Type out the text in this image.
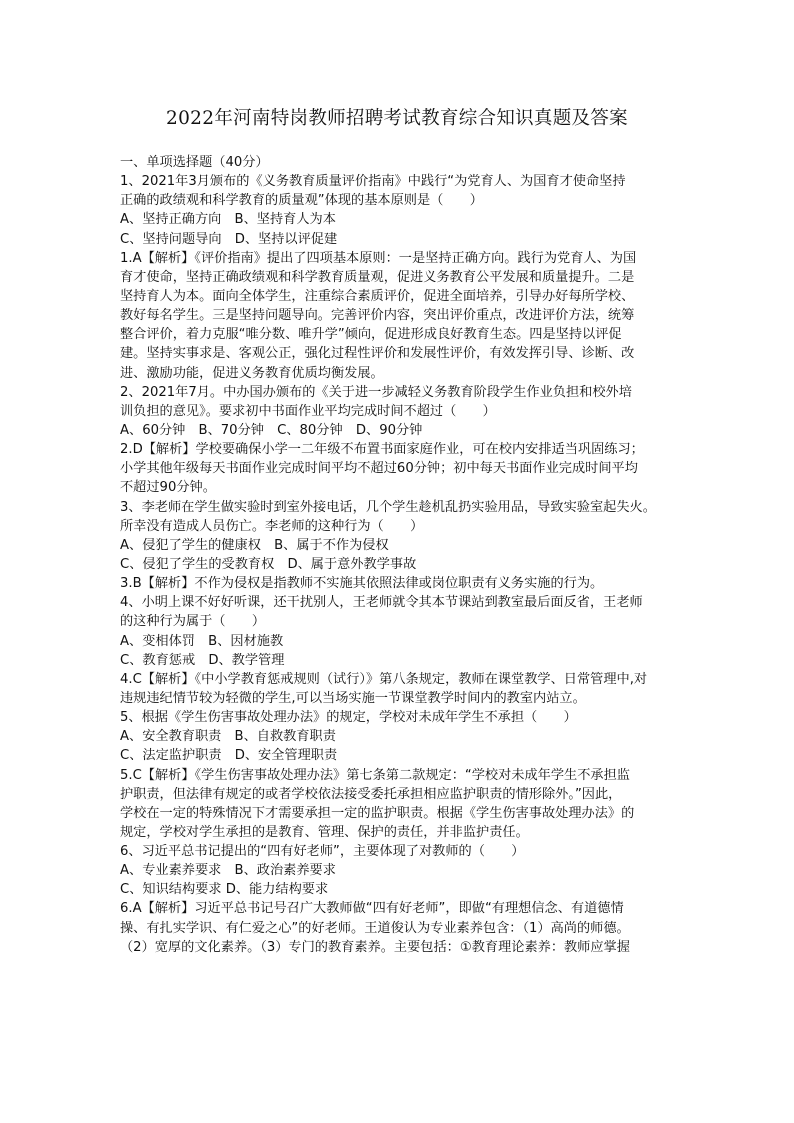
2022年河南特岗教师招聘考试教育综合知识真题及答案
一、单项选择题（40分）
1、2021年3月颁布的《义务教育质量评价指南》中践行“为党育人、为国育才使命坚持
正确的政绩观和科学教育的质量观”体现的基本原则是（　　）
A、坚持正确方向　B、坚持育人为本
C、坚持问题导向　D、坚持以评促建
1.A【解析】《评价指南》提出了四项基本原则：一是坚持正确方向。践行为党育人、为国
育才使命，坚持正确政绩观和科学教育质量观，促进义务教育公平发展和质量提升。二是
坚持育人为本。面向全体学生，注重综合素质评价，促进全面培养，引导办好每所学校、
教好每名学生。三是坚持问题导向。完善评价内容，突出评价重点，改进评价方法，统筹
整合评价，着力克服“唯分数、唯升学”倾向，促进形成良好教育生态。四是坚持以评促
建。坚持实事求是、客观公正，强化过程性评价和发展性评价，有效发挥引导、诊断、改
进、激励功能，促进义务教育优质均衡发展。
2、2021年7月。中办国办颁布的《关于进一步减轻义务教育阶段学生作业负担和校外培
训负担的意见》。要求初中书面作业平均完成时间不超过（　　）
A、60分钟　B、70分钟　C、80分钟　D、90分钟
2.D【解析】学校要确保小学一二年级不布置书面家庭作业，可在校内安排适当巩固练习；
小学其他年级每天书面作业完成时间平均不超过60分钟；初中每天书面作业完成时间平均
不超过90分钟。
3、李老师在学生做实验时到室外接电话，几个学生趁机乱扔实验用品，导致实验室起失火。
所幸没有造成人员伤亡。李老师的这种行为（　　）
A、侵犯了学生的健康权　B、属于不作为侵权
C、侵犯了学生的受教育权　D、属于意外教学事故
3.B【解析】不作为侵权是指教师不实施其依照法律或岗位职责有义务实施的行为。
4、小明上课不好好听课，还干扰别人，王老师就令其本节课站到教室最后面反省，王老师
的这种行为属于（　　）
A、变相体罚　B、因材施教
C、教育惩戒　D、教学管理
4.C【解析】《中小学教育惩戒规则（试行）》第八条规定，教师在课堂教学、日常管理中,对
违规违纪情节较为轻微的学生,可以当场实施一节课堂教学时间内的教室内站立。
5、根据《学生伤害事故处理办法》的规定，学校对未成年学生不承担（　　）
A、安全教育职责　B、自救教育职责
C、法定监护职责　D、安全管理职责
5.C【解析】《学生伤害事故处理办法》第七条第二款规定：“学校对未成年学生不承担监
护职责，但法律有规定的或者学校依法接受委托承担相应监护职责的情形除外。”因此，
学校在一定的特殊情况下才需要承担一定的监护职责。根据《学生伤害事故处理办法》的
规定，学校对学生承担的是教育、管理、保护的责任，并非监护责任。
6、习近平总书记提出的“四有好老师”，主要体现了对教师的（　　）
A、专业素养要求　B、政治素养要求
C、知识结构要求 D、能力结构要求
6.A【解析】习近平总书记号召广大教师做“四有好老师”，即做“有理想信念、有道德情
操、有扎实学识、有仁爱之心”的好老师。王道俊认为专业素养包含：（1）高尚的师德。
（2）宽厚的文化素养。（3）专门的教育素养。主要包括：①教育理论素养：教师应掌握
